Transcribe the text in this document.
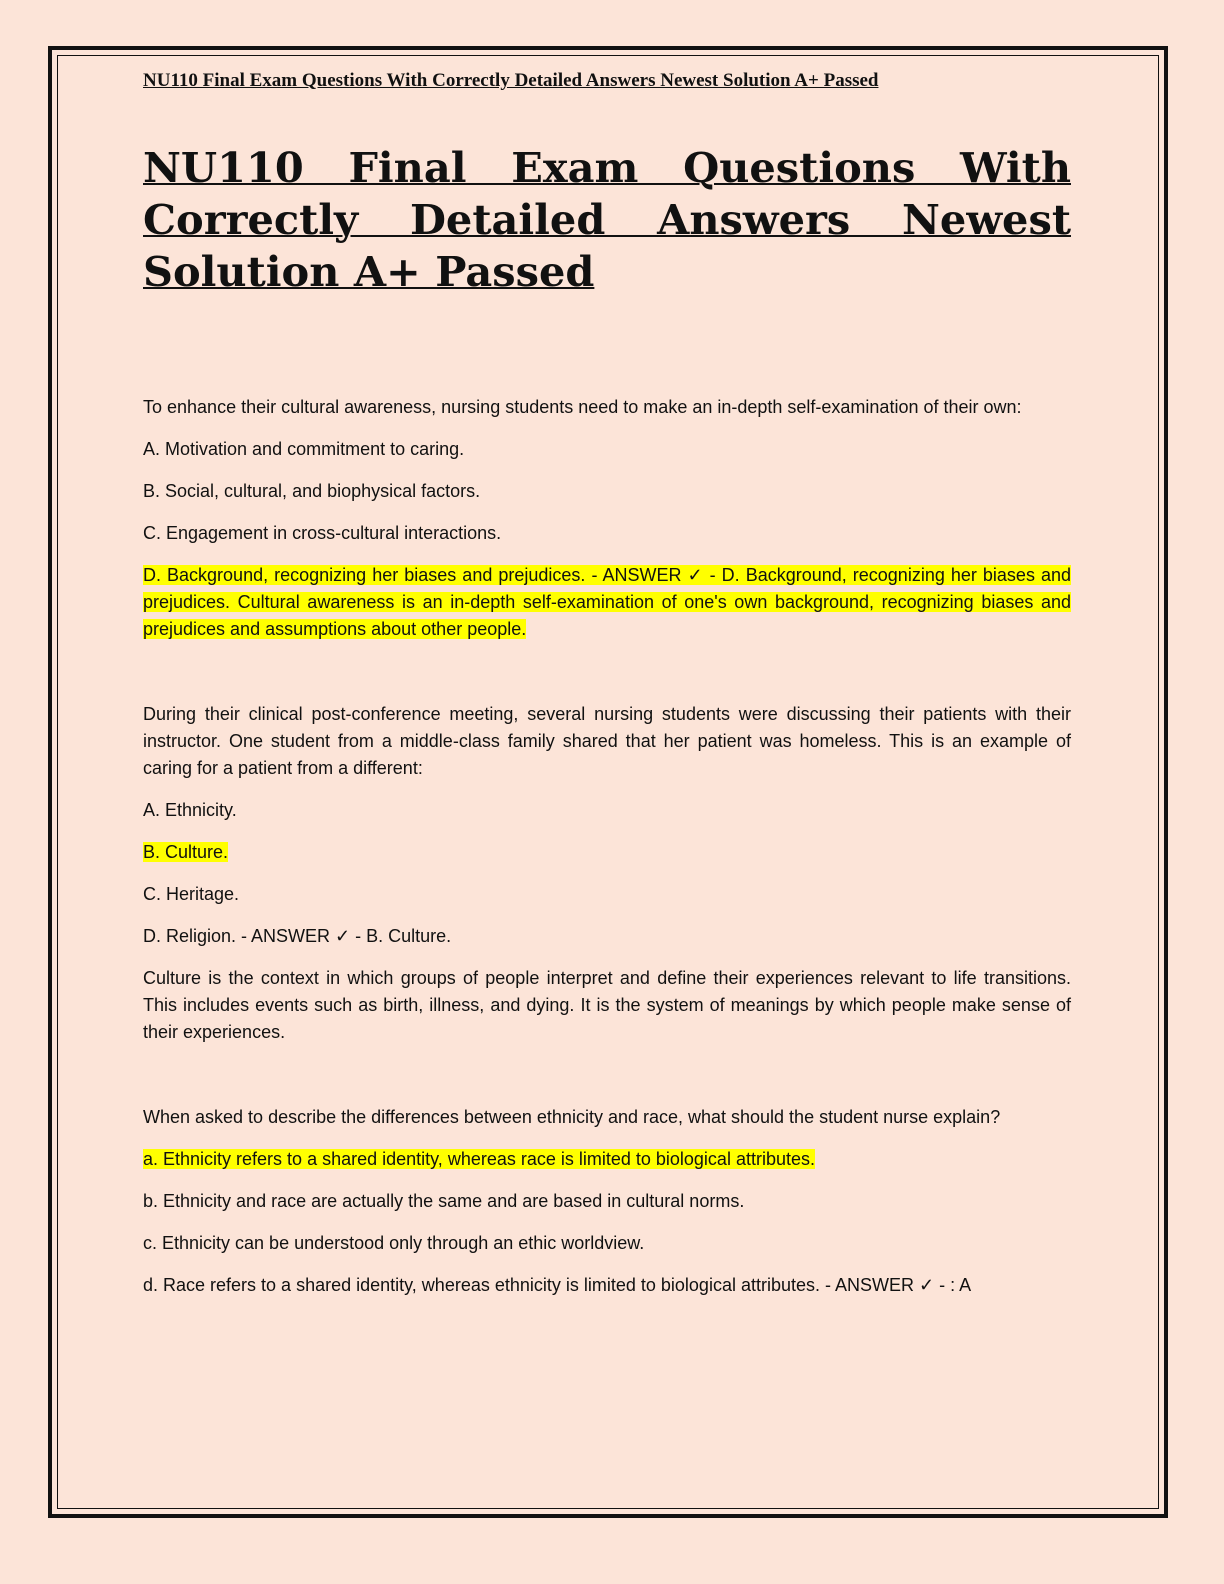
NU110 Final Exam Questions With Correctly Detailed Answers Newest Solution A+ Passed

NU110 Final Exam Questions With Correctly Detailed Answers Newest Solution A+ Passed

To enhance their cultural awareness, nursing students need to make an in-depth self-examination of their own:

A. Motivation and commitment to caring.

B. Social, cultural, and biophysical factors.

C. Engagement in cross-cultural interactions.

D. Background, recognizing her biases and prejudices. - ANSWER ✓ - D. Background, recognizing her biases and prejudices. Cultural awareness is an in-depth self-examination of one's own background, recognizing biases and prejudices and assumptions about other people.

During their clinical post-conference meeting, several nursing students were discussing their patients with their instructor. One student from a middle-class family shared that her patient was homeless. This is an example of caring for a patient from a different:

A. Ethnicity.

B. Culture.

C. Heritage.

D. Religion. - ANSWER ✓ - B. Culture.

Culture is the context in which groups of people interpret and define their experiences relevant to life transitions. This includes events such as birth, illness, and dying. It is the system of meanings by which people make sense of their experiences.

When asked to describe the differences between ethnicity and race, what should the student nurse explain?

a. Ethnicity refers to a shared identity, whereas race is limited to biological attributes.

b. Ethnicity and race are actually the same and are based in cultural norms.

c. Ethnicity can be understood only through an ethic worldview.

d. Race refers to a shared identity, whereas ethnicity is limited to biological attributes. - ANSWER ✓ - : A
